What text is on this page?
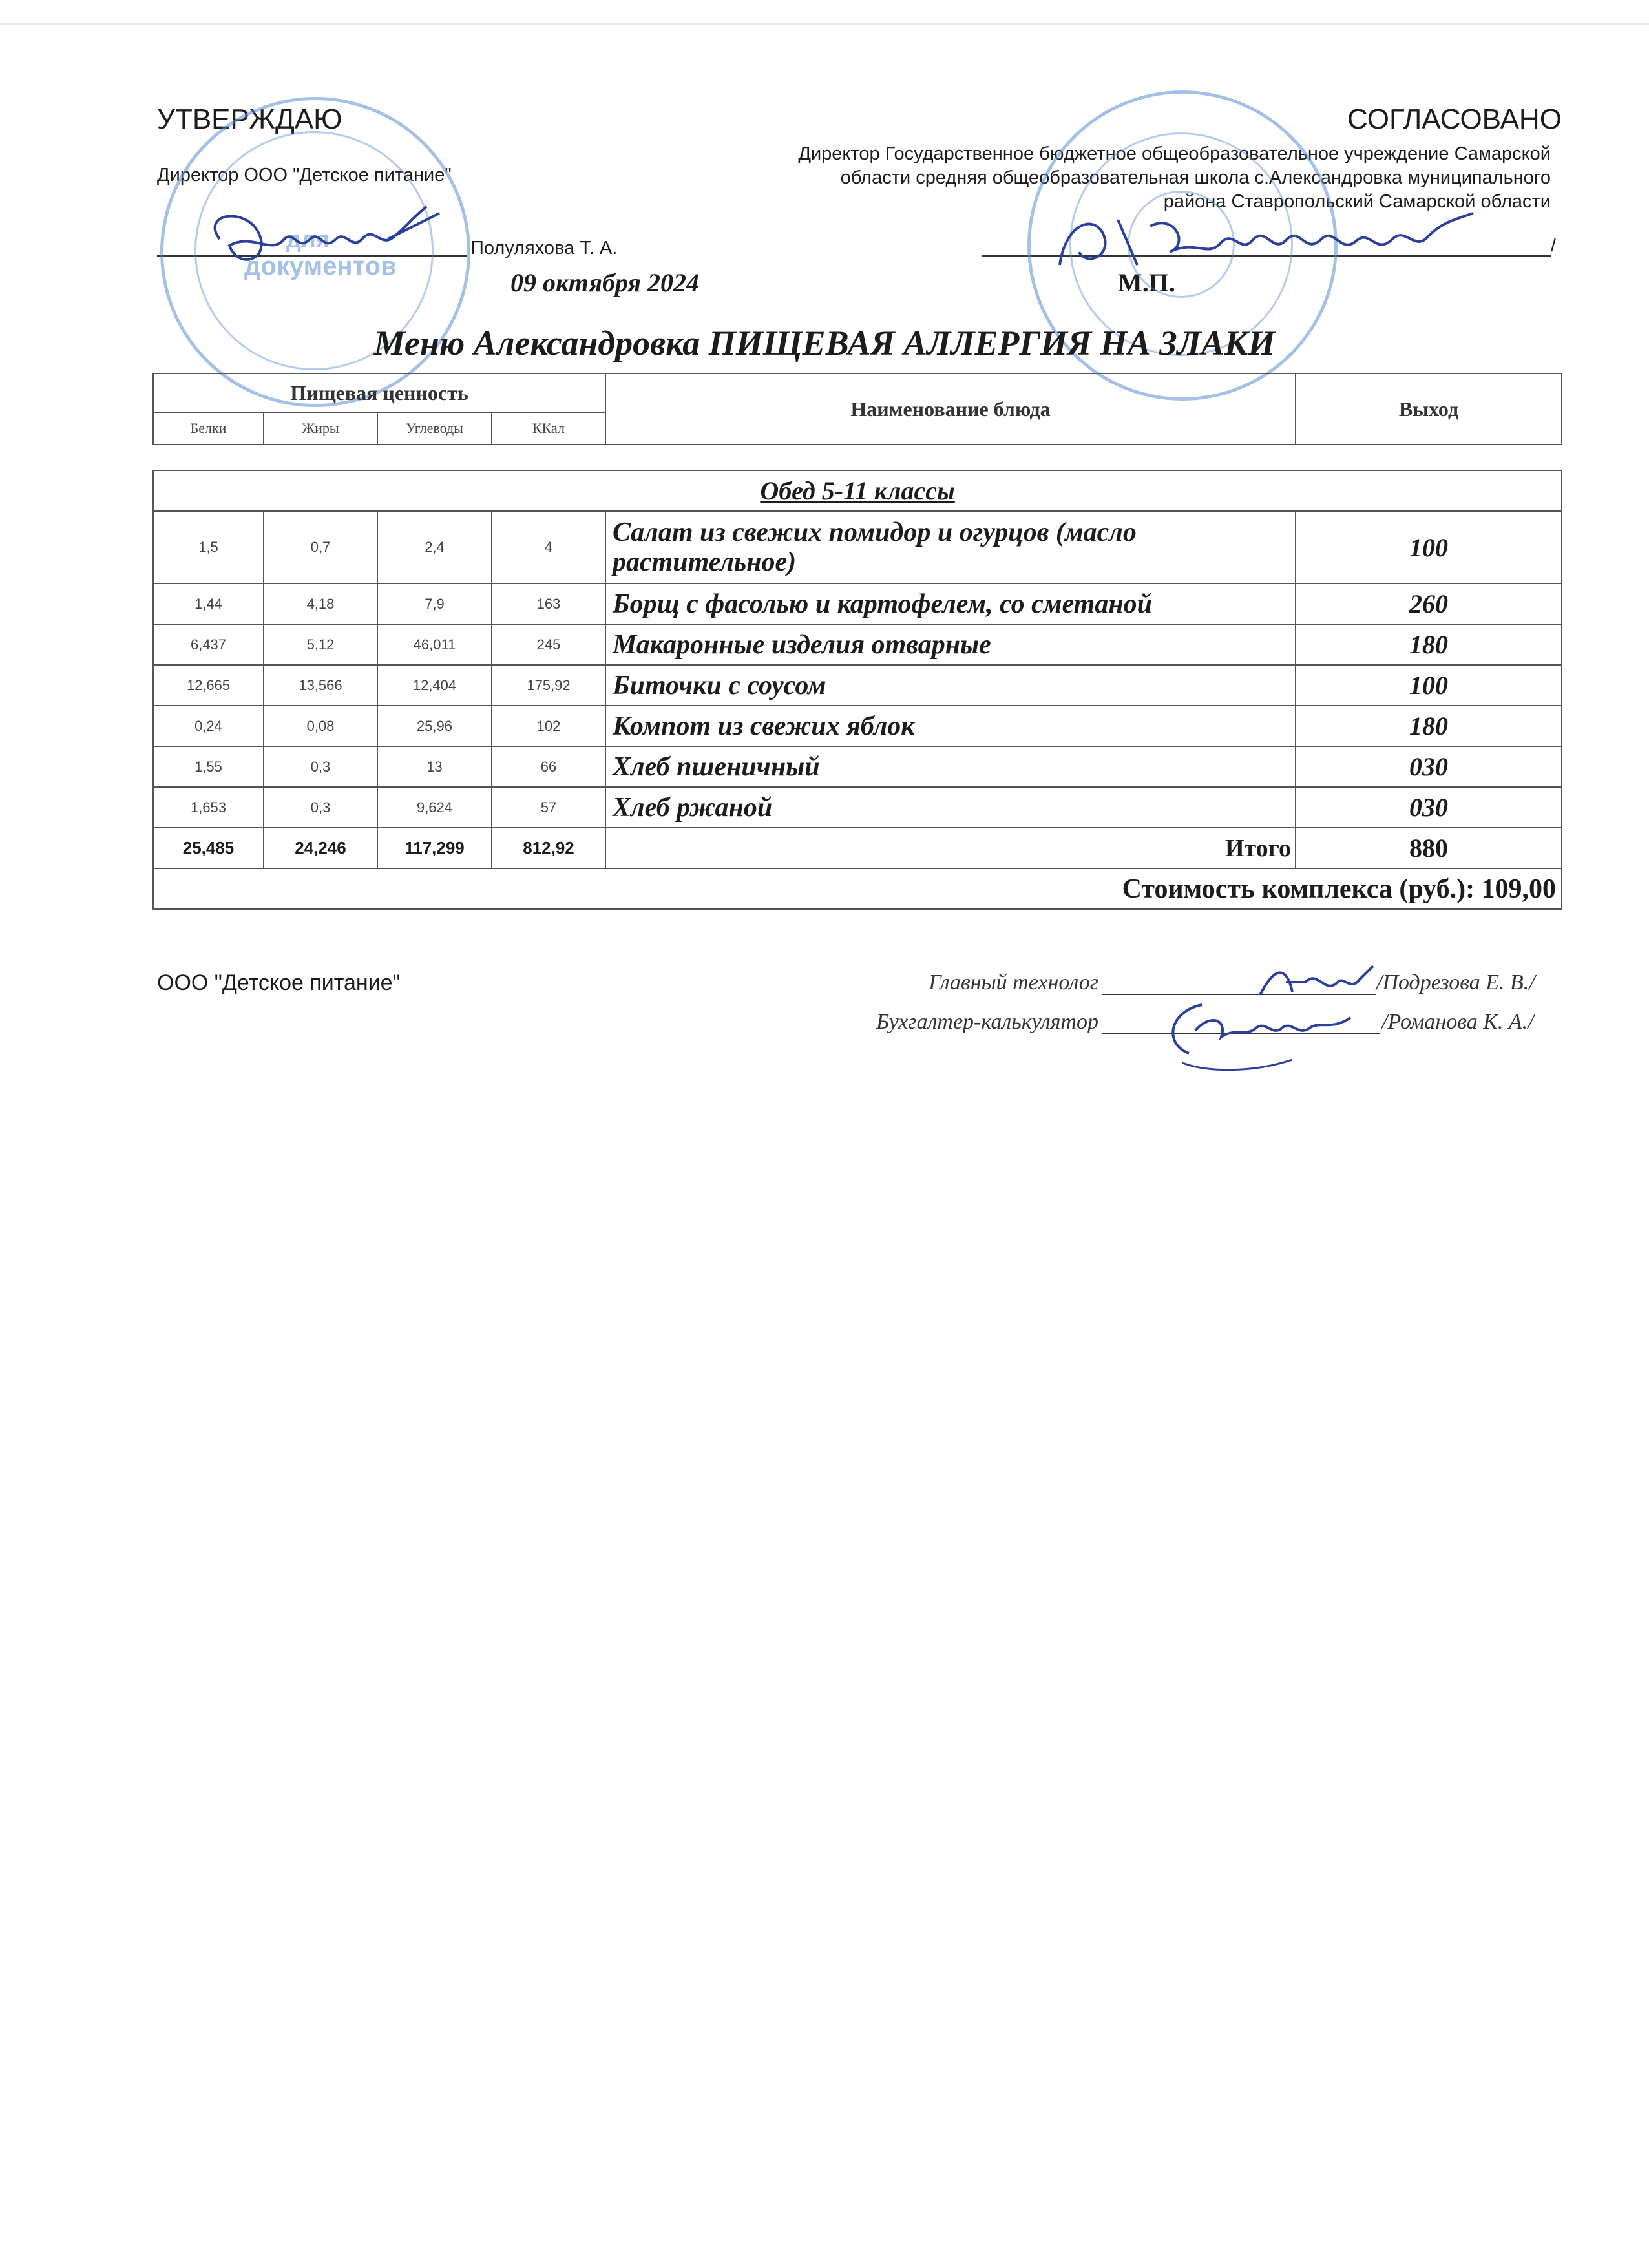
УТВЕРЖДАЮ
Директор ООО "Детское питание"
Полуляхова Т. А.
09 октября 2024
для
документов
СОГЛАСОВАНО
Директор Государственное бюджетное общеобразовательное учреждение Самарской
области средняя общеобразовательная школа с.Александровка муниципального
района Ставропольский Самарской области
/
М.П.
Меню Александровка ПИЩЕВАЯ АЛЛЕРГИЯ НА ЗЛАКИ
Пищевая ценность				Наименование блюда	Выход
Белки	Жиры	Углеводы	ККал		
Обед 5-11 классы					
1,5	0,7	2,4	4	Салат из свежих помидор и огурцов (масло растительное)	100
1,44	4,18	7,9	163	Борщ с фасолью и картофелем, со сметаной	260
6,437	5,12	46,011	245	Макаронные изделия отварные	180
12,665	13,566	12,404	175,92	Биточки с соусом	100
0,24	0,08	25,96	102	Компот из свежих яблок	180
1,55	0,3	13	66	Хлеб пшеничный	030
1,653	0,3	9,624	57	Хлеб ржаной	030
25,485	24,246	117,299	812,92	Итого	880
Стоимость комплекса (руб.): 109,00					
ООО "Детское питание"	Главный технолог	/Подрезова Е. В./
Бухгалтер-калькулятор	/Романова К. А./
